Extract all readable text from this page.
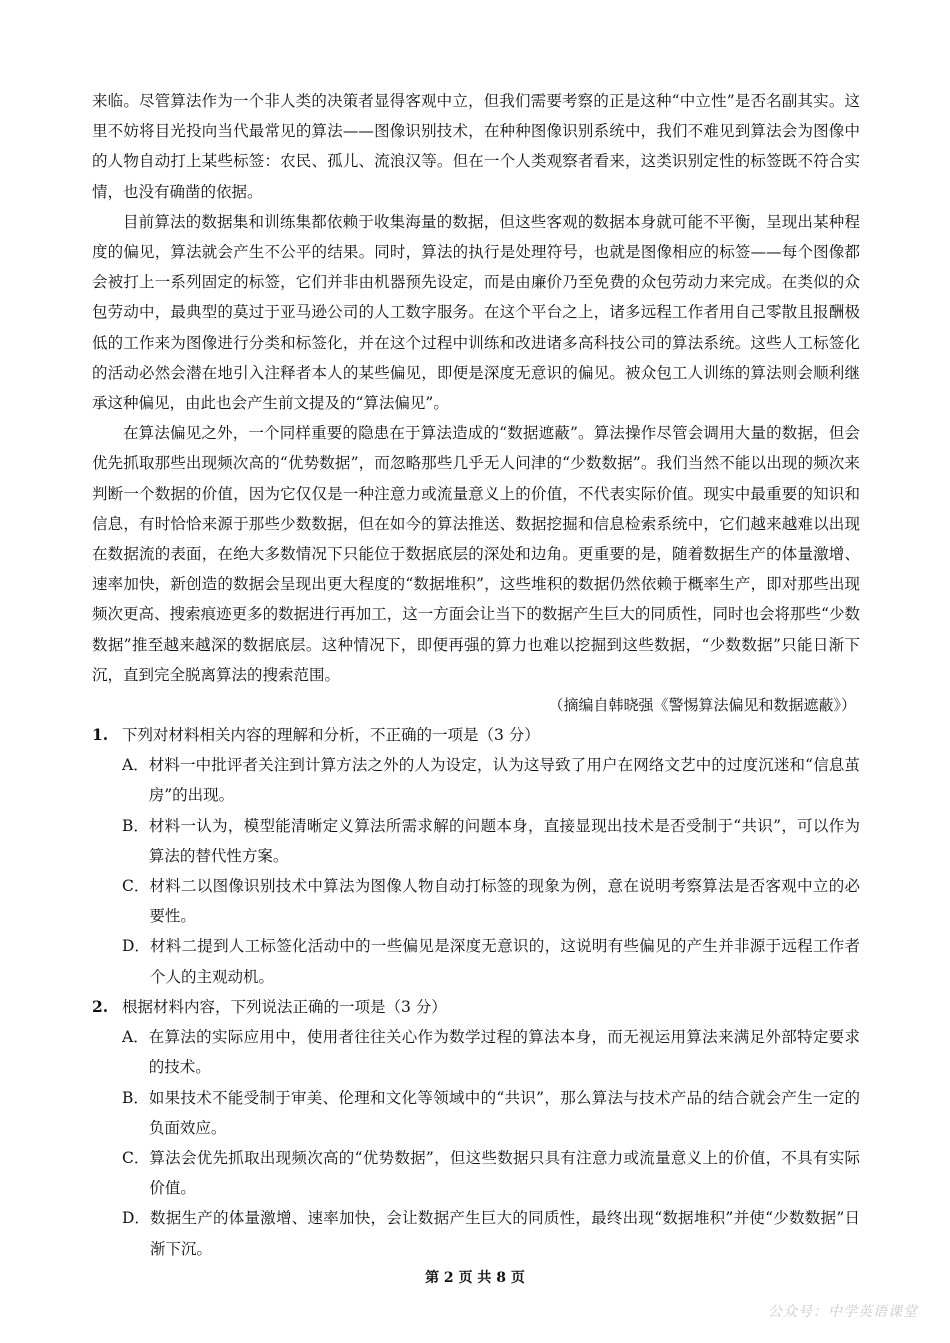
来临。尽管算法作为一个非人类的决策者显得客观中立，但我们需要考察的正是这种“中立性”是否名副其实。这里不妨将目光投向当代最常见的算法——图像识别技术，在种种图像识别系统中，我们不难见到算法会为图像中的人物自动打上某些标签：农民、孤儿、流浪汉等。但在一个人类观察者看来，这类识别定性的标签既不符合实情，也没有确凿的依据。

目前算法的数据集和训练集都依赖于收集海量的数据，但这些客观的数据本身就可能不平衡，呈现出某种程度的偏见，算法就会产生不公平的结果。同时，算法的执行是处理符号，也就是图像相应的标签——每个图像都会被打上一系列固定的标签，它们并非由机器预先设定，而是由廉价乃至免费的众包劳动力来完成。在类似的众包劳动中，最典型的莫过于亚马逊公司的人工数字服务。在这个平台之上，诸多远程工作者用自己零散且报酬极低的工作来为图像进行分类和标签化，并在这个过程中训练和改进诸多高科技公司的算法系统。这些人工标签化的活动必然会潜在地引入注释者本人的某些偏见，即便是深度无意识的偏见。被众包工人训练的算法则会顺利继承这种偏见，由此也会产生前文提及的“算法偏见”。

在算法偏见之外，一个同样重要的隐患在于算法造成的“数据遮蔽”。算法操作尽管会调用大量的数据，但会优先抓取那些出现频次高的“优势数据”，而忽略那些几乎无人问津的“少数数据”。我们当然不能以出现的频次来判断一个数据的价值，因为它仅仅是一种注意力或流量意义上的价值，不代表实际价值。现实中最重要的知识和信息，有时恰恰来源于那些少数数据，但在如今的算法推送、数据挖掘和信息检索系统中，它们越来越难以出现在数据流的表面，在绝大多数情况下只能位于数据底层的深处和边角。更重要的是，随着数据生产的体量激增、速率加快，新创造的数据会呈现出更大程度的“数据堆积”，这些堆积的数据仍然依赖于概率生产，即对那些出现频次更高、搜索痕迹更多的数据进行再加工，这一方面会让当下的数据产生巨大的同质性，同时也会将那些“少数数据”推至越来越深的数据底层。这种情况下，即便再强的算力也难以挖掘到这些数据，“少数数据”只能日渐下沉，直到完全脱离算法的搜索范围。

（摘编自韩晓强《警惕算法偏见和数据遮蔽》）

1. 下列对材料相关内容的理解和分析，不正确的一项是（3 分）

A． 材料一中批评者关注到计算方法之外的人为设定，认为这导致了用户在网络文艺中的过度沉迷和“信息茧房”的出现。
B． 材料一认为，模型能清晰定义算法所需求解的问题本身，直接显现出技术是否受制于“共识”，可以作为算法的替代性方案。
C． 材料二以图像识别技术中算法为图像人物自动打标签的现象为例，意在说明考察算法是否客观中立的必要性。
D． 材料二提到人工标签化活动中的一些偏见是深度无意识的，这说明有些偏见的产生并非源于远程工作者个人的主观动机。

2. 根据材料内容，下列说法正确的一项是（3 分）

A． 在算法的实际应用中，使用者往往关心作为数学过程的算法本身，而无视运用算法来满足外部特定要求的技术。
B． 如果技术不能受制于审美、伦理和文化等领域中的“共识”，那么算法与技术产品的结合就会产生一定的负面效应。
C． 算法会优先抓取出现频次高的“优势数据”，但这些数据只具有注意力或流量意义上的价值，不具有实际价值。
D． 数据生产的体量激增、速率加快，会让数据产生巨大的同质性，最终出现“数据堆积”并使“少数数据”日渐下沉。
第 2 页 共 8 页
公众号：中学英语课堂
